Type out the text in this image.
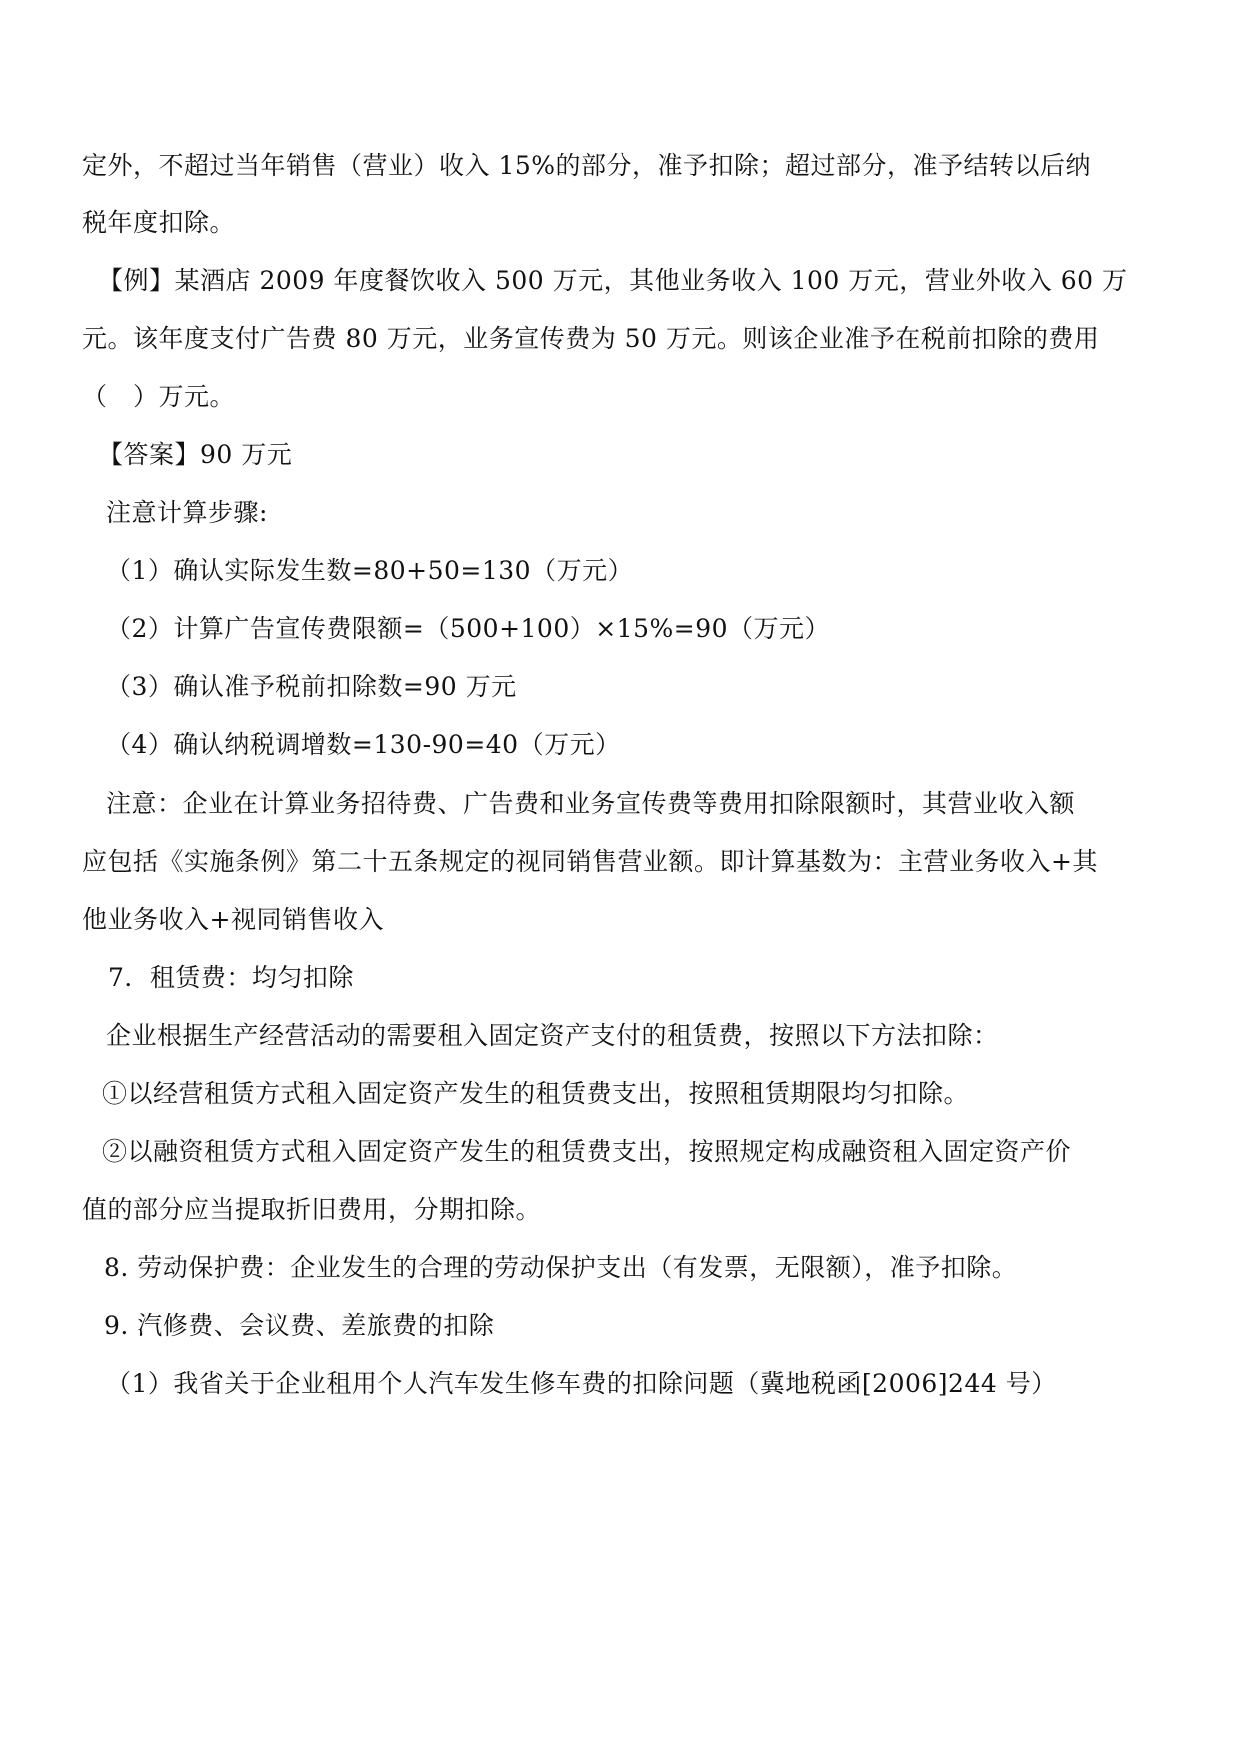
定外，不超过当年销售（营业）收入 15%的部分，准予扣除；超过部分，准予结转以后纳
税年度扣除。
【例】某酒店 2009 年度餐饮收入 500 万元，其他业务收入 100 万元，营业外收入 60 万
元。该年度支付广告费 80 万元，业务宣传费为 50 万元。则该企业准予在税前扣除的费用
（　）万元。
【答案】90 万元
注意计算步骤:
（1）确认实际发生数=80+50=130（万元）
（2）计算广告宣传费限额=（500+100）×15%=90（万元）
（3）确认准予税前扣除数=90 万元
（4）确认纳税调增数=130-90=40（万元）
注意：企业在计算业务招待费、广告费和业务宣传费等费用扣除限额时，其营业收入额
应包括《实施条例》第二十五条规定的视同销售营业额。即计算基数为：主营业务收入+其
他业务收入+视同销售收入
7．租赁费：均匀扣除
企业根据生产经营活动的需要租入固定资产支付的租赁费，按照以下方法扣除：
①以经营租赁方式租入固定资产发生的租赁费支出，按照租赁期限均匀扣除。
②以融资租赁方式租入固定资产发生的租赁费支出，按照规定构成融资租入固定资产价
值的部分应当提取折旧费用，分期扣除。
8. 劳动保护费：企业发生的合理的劳动保护支出（有发票，无限额），准予扣除。
9. 汽修费、会议费、差旅费的扣除
（1）我省关于企业租用个人汽车发生修车费的扣除问题（冀地税函[2006]244 号）
